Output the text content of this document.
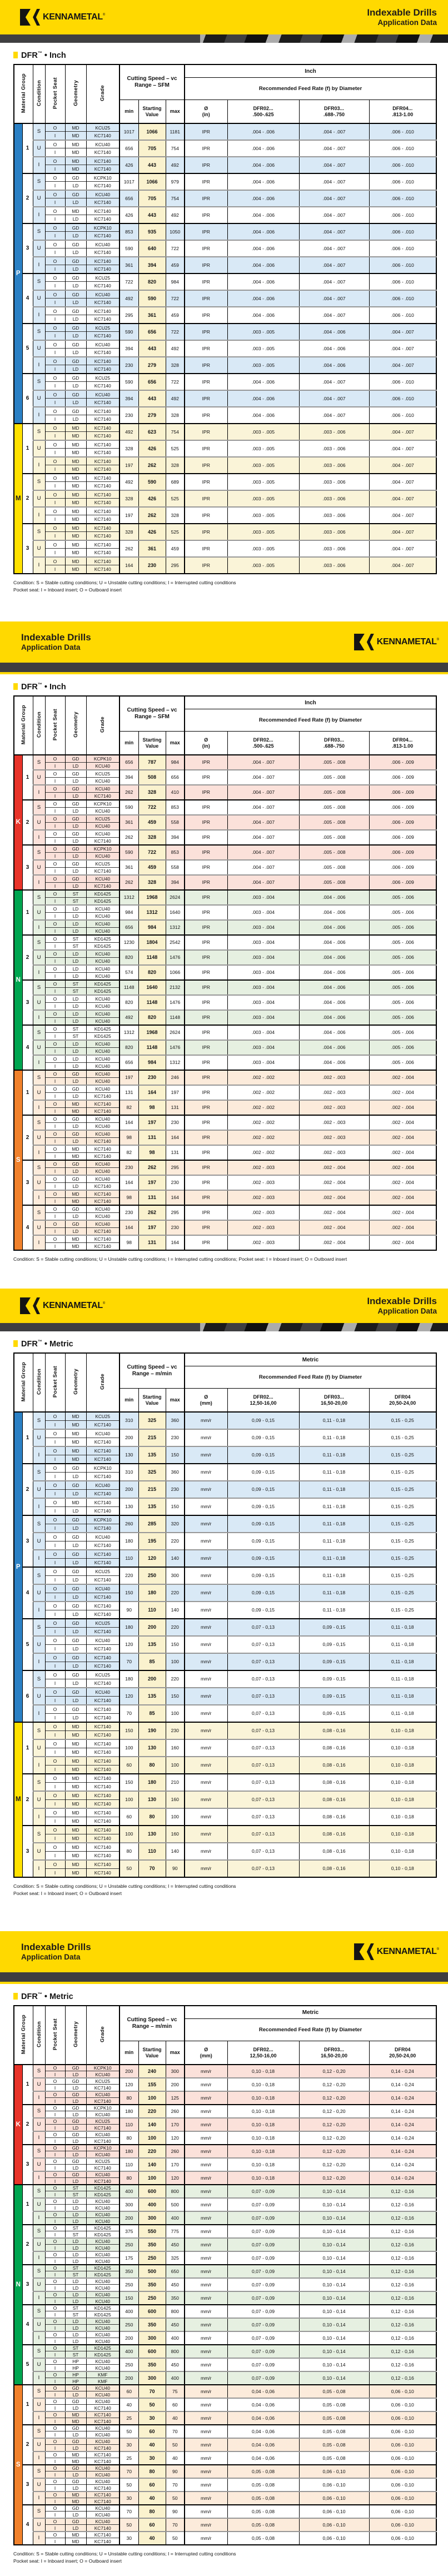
KENNAMETAL®	Indexable Drills
Application Data
DFR™ • Inch
Material Group		Condition	Pocket Seat	Geometry	Grade	Cutting Speed – vc
Range – SFM			Inch			
									Recommended Feed Rate (f) by Diameter			
min	
Starting
Value
	max	
Ø
(in)

DFR02...
.500-.625

DFR03...
.688-.750

DFR04...
.813-1.00

P	1	S	O	MD	KCU25	1017	1066	1181	IPR	.004 - .006	.004 - .007	.006 - .010
			I	MD	KC7140							
		U	O	MD	KCU40	656	705	754	IPR	.004 - .006	.004 - .007	.006 - .010
			I	MD	KC7140							
		I	O	MD	KC7140	426	443	492	IPR	.004 - .006	.004 - .007	.006 - .010
			I	MD	KC7140							
	2	S	O	GD	KCPK10	1017	1066	979	IPR	.004 - .006	.004 - .007	.006 - .010
			I	LD	KC7140							
		U	O	GD	KCU40	656	705	754	IPR	.004 - .006	.004 - .007	.006 - .010
			I	LD	KC7140							
		I	O	MD	KC7140	426	443	492	IPR	.004 - .006	.004 - .007	.006 - .010
			I	LD	KC7140							
	3	S	O	GD	KCPK10	853	935	1050	IPR	.004 - .006	.004 - .007	.006 - .010
			I	LD	KC7140							
		U	O	GD	KCU40	590	640	722	IPR	.004 - .006	.004 - .007	.006 - .010
			I	LD	KC7140							
		I	O	GD	KC7140	361	394	459	IPR	.004 - .006	.004 - .007	.006 - .010
			I	LD	KC7140							
	4	S	O	GD	KCU25	722	820	984	IPR	.004 - .006	.004 - .007	.006 - .010
			I	LD	KC7140							
		U	O	GD	KCU40	492	590	722	IPR	.004 - .006	.004 - .007	.006 - .010
			I	LD	KC7140							
		I	O	GD	KC7140	295	361	459	IPR	.004 - .006	.004 - .007	.006 - .010
			I	LD	KC7140							
	5	S	O	GD	KCU25	590	656	722	IPR	.003 - .005	.004 - .006	.004 - .007
			I	LD	KC7140							
		U	O	GD	KCU40	394	443	492	IPR	.003 - .005	.004 - .006	.004 - .007
			I	LD	KC7140							
		I	O	GD	KC7140	230	279	328	IPR	.003 - .005	.004 - .006	.004 - .007
			I	LD	KC7140							
	6	S	O	GD	KCU25	590	656	722	IPR	.004 - .006	.004 - .007	.006 - .010
			I	LD	KC7140							
		U	O	GD	KCU40	394	443	492	IPR	.004 - .006	.004 - .007	.006 - .010
			I	LD	KC7140							
		I	O	GD	KC7140	230	279	328	IPR	.004 - .006	.004 - .007	.006 - .010
			I	LD	KC7140							
M	1	S	O	MD	KC7140	492	623	754	IPR	.003 - .005	.003 - .006	.004 - .007
			I	MD	KC7140							
		U	O	MD	KC7140	328	426	525	IPR	.003 - .005	.003 - .006	.004 - .007
			I	MD	KC7140							
		I	O	MD	KC7140	197	262	328	IPR	.003 - .005	.003 - .006	.004 - .007
			I	MD	KC7140							
	2	S	O	MD	KC7140	492	590	689	IPR	.003 - .005	.003 - .006	.004 - .007
			I	MD	KC7140							
		U	O	MD	KC7140	328	426	525	IPR	.003 - .005	.003 - .006	.004 - .007
			I	MD	KC7140							
		I	O	MD	KC7140	197	262	328	IPR	.003 - .005	.003 - .006	.004 - .007
			I	MD	KC7140							
	3	S	O	MD	KC7140	328	426	525	IPR	.003 - .005	.003 - .006	.004 - .007
			I	MD	KC7140							
		U	O	MD	KC7140	262	361	459	IPR	.003 - .005	.003 - .006	.004 - .007
			I	MD	KC7140							
		I	O	MD	KC7140	164	230	295	IPR	.003 - .005	.003 - .006	.004 - .007
			I	MD	KC7140							
Condition: S = Stable cutting conditions; U = Unstable cutting conditions; I = Interrupted cutting conditions
Pocket seat: I = Inboard insert; O = Outboard insert
Indexable Drills
Application Data
KENNAMETAL®
DFR™ • Inch
Material Group		Condition	Pocket Seat	Geometry	Grade	Cutting Speed – vc
Range – SFM			Inch			
									Recommended Feed Rate (f) by Diameter			
min	
Starting
Value
	max	
Ø
(in)

DFR02...
.500-.625

DFR03...
.688-.750

DFR04...
.813-1.00

K	1	S	O	GD	KCPK10	656	787	984	IPR	.004 - .007	.005 - .008	.006 - .009
			I	LD	KCU40							
		U	O	GD	KCU25	394	508	656	IPR	.004 - .007	.005 - .008	.006 - .009
			I	LD	KCU40							
		I	O	GD	KCU40	262	328	410	IPR	.004 - .007	.005 - .008	.006 - .009
			I	LD	KC7140							
	2	S	O	GD	KCPK10	590	722	853	IPR	.004 - .007	.005 - .008	.006 - .009
			I	LD	KCU40							
		U	O	GD	KCU25	361	459	558	IPR	.004 - .007	.005 - .008	.006 - .009
			I	LD	KCU40							
		I	O	GD	KCU40	262	328	394	IPR	.004 - .007	.005 - .008	.006 - .009
			I	LD	KC7140							
	3	S	O	GD	KCPK10	590	722	853	IPR	.004 - .007	.005 - .008	.006 - .009
			I	LD	KCU40							
		U	O	GD	KCU25	361	459	558	IPR	.004 - .007	.005 - .008	.006 - .009
			I	LD	KC7140							
		I	O	GD	KCU40	262	328	394	IPR	.004 - .007	.005 - .008	.006 - .009
			I	LD	KC7140							
N	1	S	O	ST	KD1425	1312	1968	2624	IPR	.003 - .004	.004 - .006	.005 - .006
			I	ST	KD1425							
		U	O	LD	KCU40	984	1312	1640	IPR	.003 - .004	.004 - .006	.005 - .006
			I	LD	KCU40							
		I	O	LD	KCU40	656	984	1312	IPR	.003 - .004	.004 - .006	.005 - .006
			I	LD	KCU40							
	2	S	O	ST	KD1425	1230	1804	2542	IPR	.003 - .004	.004 - .006	.005 - .006
			I	ST	KD1425							
		U	O	LD	KCU40	820	1148	1476	IPR	.003 - .004	.004 - .006	.005 - .006
			I	LD	KCU40							
		I	O	LD	KCU40	574	820	1066	IPR	.003 - .004	.004 - .006	.005 - .006
			I	LD	KCU40							
	3	S	O	ST	KD1425	1148	1640	2132	IPR	.003 - .004	.004 - .006	.005 - .006
			I	ST	KD1425							
		U	O	LD	KCU40	820	1148	1476	IPR	.003 - .004	.004 - .006	.005 - .006
			I	LD	KCU40							
		I	O	LD	KCU40	492	820	1148	IPR	.003 - .004	.004 - .006	.005 - .006
			I	LD	KCU40							
	4	S	O	ST	KD1425	1312	1968	2624	IPR	.003 - .004	.004 - .006	.005 - .006
			I	ST	KD1425							
		U	O	LD	KCU40	820	1148	1476	IPR	.003 - .004	.004 - .006	.005 - .006
			I	LD	KCU40							
		I	O	LD	KCU40	656	984	1312	IPR	.003 - .004	.004 - .006	.005 - .006
			I	LD	KCU40							
S	1	S	O	GD	KCU40	197	230	246	IPR	.002 - .002	.002 - .003	.002 - .004
			I	LD	KCU40							
		U	O	GD	KCU40	131	164	197	IPR	.002 - .002	.002 - .003	.002 - .004
			I	LD	KC7140							
		I	O	MD	KC7140	82	98	131	IPR	.002 - .002	.002 - .003	.002 - .004
			I	MD	KC7140							
	2	S	O	GD	KCU40	164	197	230	IPR	.002 - .002	.002 - .003	.002 - .004
			I	LD	KCU40							
		U	O	GD	KCU40	98	131	164	IPR	.002 - .002	.002 - .003	.002 - .004
			I	LD	KC7140							
		I	O	MD	KC7140	82	98	131	IPR	.002 - .002	.002 - .003	.002 - .004
			I	MD	KC7140							
	3	S	O	GD	KCU40	230	262	295	IPR	.002 - .003	.002 - .004	.002 - .004
			I	LD	KCU40							
		U	O	GD	KCU40	164	197	230	IPR	.002 - .003	.002 - .004	.002 - .004
			I	LD	KC7140							
		I	O	MD	KC7140	98	131	164	IPR	.002 - .003	.002 - .004	.002 - .004
			I	MD	KC7140							
	4	S	O	GD	KCU40	230	262	295	IPR	.002 - .003	.002 - .004	.002 - .004
			I	LD	KCU40							
		U	O	GD	KCU40	164	197	230	IPR	.002 - .003	.002 - .004	.002 - .004
			I	LD	KC7140							
		I	O	MD	KC7140	98	131	164	IPR	.002 - .003	.002 - .004	.002 - .004
			I	MD	KC7140							
Condition: S = Stable cutting conditions; U = Unstable cutting conditions; I = Interrupted cutting conditions; Pocket seat: I = Inboard insert; O = Outboard insert
KENNAMETAL®	Indexable Drills
Application Data
DFR™ • Metric
Material Group		Condition	Pocket Seat	Geometry	Grade	Cutting Speed – vc
Range – m/min			Metric			
									Recommended Feed Rate (f) by Diameter			
min	
Starting
Value
	max	
Ø
(mm)

DFR02...
12,50-16,00

DFR03...
16,50-20,00

DFR04
20,50-24,00

P	1	S	O	MD	KCU25	310	325	360	mm/r	0,09 - 0,15	0,11 - 0,18	0,15 - 0,25
			I	MD	KC7140							
		U	O	MD	KCU40	200	215	230	mm/r	0,09 - 0,15	0,11 - 0,18	0,15 - 0,25
			I	MD	KC7140							
		I	O	MD	KC7140	130	135	150	mm/r	0,09 - 0,15	0,11 - 0,18	0,15 - 0,25
			I	MD	KC7140							
	2	S	O	GD	KCPK10	310	325	360	mm/r	0,09 - 0,15	0,11 - 0,18	0,15 - 0,25
			I	LD	KC7140							
		U	O	GD	KCU40	200	215	230	mm/r	0,09 - 0,15	0,11 - 0,18	0,15 - 0,25
			I	LD	KC7140							
		I	O	MD	KC7140	130	135	150	mm/r	0,09 - 0,15	0,11 - 0,18	0,15 - 0,25
			I	LD	KC7140							
	3	S	O	GD	KCPK10	260	285	320	mm/r	0,09 - 0,15	0,11 - 0,18	0,15 - 0,25
			I	LD	KC7140							
		U	O	GD	KCU40	180	195	220	mm/r	0,09 - 0,15	0,11 - 0,18	0,15 - 0,25
			I	LD	KC7140							
		I	O	GD	KC7140	110	120	140	mm/r	0,09 - 0,15	0,11 - 0,18	0,15 - 0,25
			I	LD	KC7140							
	4	S	O	GD	KCU25	220	250	300	mm/r	0,09 - 0,15	0,11 - 0,18	0,15 - 0,25
			I	LD	KC7140							
		U	O	GD	KCU40	150	180	220	mm/r	0,09 - 0,15	0,11 - 0,18	0,15 - 0,25
			I	LD	KC7140							
		I	O	GD	KC7140	90	110	140	mm/r	0,09 - 0,15	0,11 - 0,18	0,15 - 0,25
			I	LD	KC7140							
	5	S	O	GD	KCU25	180	200	220	mm/r	0,07 - 0,13	0,09 - 0,15	0,11 - 0,18
			I	LD	KC7140							
		U	O	GD	KCU40	120	135	150	mm/r	0,07 - 0,13	0,09 - 0,15	0,11 - 0,18
			I	LD	KC7140							
		I	O	GD	KC7140	70	85	100	mm/r	0,07 - 0,13	0,09 - 0,15	0,11 - 0,18
			I	LD	KC7140							
	6	S	O	GD	KCU25	180	200	220	mm/r	0,07 - 0,13	0,09 - 0,15	0,11 - 0,18
			I	LD	KC7140							
		U	O	GD	KCU40	120	135	150	mm/r	0,07 - 0,13	0,09 - 0,15	0,11 - 0,18
			I	LD	KC7140							
		I	O	GD	KC7140	70	85	100	mm/r	0,07 - 0,13	0,09 - 0,15	0,11 - 0,18
			I	LD	KC7140							
M	1	S	O	MD	KC7140	150	190	230	mm/r	0,07 - 0,13	0,08 - 0,16	0,10 - 0,18
			I	MD	KC7140							
		U	O	MD	KC7140	100	130	160	mm/r	0,07 - 0,13	0,08 - 0,16	0,10 - 0,18
			I	MD	KC7140							
		I	O	MD	KC7140	60	80	100	mm/r	0,07 - 0,13	0,08 - 0,16	0,10 - 0,18
			I	MD	KC7140							
	2	S	O	MD	KC7140	150	180	210	mm/r	0,07 - 0,13	0,08 - 0,16	0,10 - 0,18
			I	MD	KC7140							
		U	O	MD	KC7140	100	130	160	mm/r	0,07 - 0,13	0,08 - 0,16	0,10 - 0,18
			I	MD	KC7140							
		I	O	MD	KC7140	60	80	100	mm/r	0,07 - 0,13	0,08 - 0,16	0,10 - 0,18
			I	MD	KC7140							
	3	S	O	MD	KC7140	100	130	160	mm/r	0,07 - 0,13	0,08 - 0,16	0,10 - 0,18
			I	MD	KC7140							
		U	O	MD	KC7140	80	110	140	mm/r	0,07 - 0,13	0,08 - 0,16	0,10 - 0,18
			I	MD	KC7140							
		I	O	MD	KC7140	50	70	90	mm/r	0,07 - 0,13	0,08 - 0,16	0,10 - 0,18
			I	MD	KC7140							
Condition: S = Stable cutting conditions; U = Unstable cutting conditions; I = Interrupted cutting conditions
Pocket seat: I = Inboard insert; O = Outboard insert
Indexable Drills
Application Data
KENNAMETAL®
DFR™ • Metric
Material Group		Condition	Pocket Seat	Geometry	Grade	Cutting Speed – vc
Range – m/min			Metric			
									Recommended Feed Rate (f) by Diameter			
min	
Starting
Value
	max	
Ø
(mm)

DFR02...
12,50-16,00

DFR03...
16,50-20,00

DFR04
20,50-24,00

K	1	S	O	GD	KCPK10	200	240	300	mm/r	0,10 - 0,18	0,12 - 0,20	0,14 - 0,24
			I	LD	KCU40							
		U	O	GD	KCU25	120	155	200	mm/r	0,10 - 0,18	0,12 - 0,20	0,14 - 0,24
			I	LD	KC7140							
		I	O	GD	KCU40	80	100	125	mm/r	0,10 - 0,18	0,12 - 0,20	0,14 - 0,24
			I	LD	KC7140							
	2	S	O	GD	KCPK10	180	220	260	mm/r	0,10 - 0,18	0,12 - 0,20	0,14 - 0,24
			I	LD	KCU40							
		U	O	GD	KCU25	110	140	170	mm/r	0,10 - 0,18	0,12 - 0,20	0,14 - 0,24
			I	LD	KC7140							
		I	O	GD	KCU40	80	100	120	mm/r	0,10 - 0,18	0,12 - 0,20	0,14 - 0,24
			I	LD	KC7140							
	3	S	O	GD	KCPK10	180	220	260	mm/r	0,10 - 0,18	0,12 - 0,20	0,14 - 0,24
			I	LD	KCU40							
		U	O	GD	KCU25	110	140	170	mm/r	0,10 - 0,18	0,12 - 0,20	0,14 - 0,24
			I	LD	KC7140							
		I	O	GD	KCU40	80	100	120	mm/r	0,10 - 0,18	0,12 - 0,20	0,14 - 0,24
			I	LD	KC7140							
N	1	S	O	ST	KD1425	400	600	800	mm/r	0,07 - 0,09	0,10 - 0,14	0,12 - 0,16
			I	ST	KD1425							
		U	O	LD	KCU40	300	400	500	mm/r	0,07 - 0,09	0,10 - 0,14	0,12 - 0,16
			I	LD	KCU40							
		I	O	LD	KCU40	200	300	400	mm/r	0,07 - 0,09	0,10 - 0,14	0,12 - 0,16
			I	LD	KCU40							
	2	S	O	ST	KD1425	375	550	775	mm/r	0,07 - 0,09	0,10 - 0,14	0,12 - 0,16
			I	ST	KD1425							
		U	O	LD	KCU40	250	350	450	mm/r	0,07 - 0,09	0,10 - 0,14	0,12 - 0,16
			I	LD	KCU40							
		I	O	LD	KCU40	175	250	325	mm/r	0,07 - 0,09	0,10 - 0,14	0,12 - 0,16
			I	LD	KCU40							
	3	S	O	ST	KD1425	350	500	650	mm/r	0,07 - 0,09	0,10 - 0,14	0,12 - 0,16
			I	ST	KD1425							
		U	O	LD	KCU40	250	350	450	mm/r	0,07 - 0,09	0,10 - 0,14	0,12 - 0,16
			I	LD	KCU40							
		I	O	LD	KCU40	150	250	350	mm/r	0,07 - 0,09	0,10 - 0,14	0,12 - 0,16
			I	LD	KCU40							
	4	S	O	ST	KD1425	400	600	800	mm/r	0,07 - 0,09	0,10 - 0,14	0,12 - 0,16
			I	ST	KD1425							
		U	O	LD	KCU40	250	350	450	mm/r	0,07 - 0,09	0,10 - 0,14	0,12 - 0,16
			I	LD	KCU40							
		I	O	LD	KCU40	200	300	400	mm/r	0,07 - 0,09	0,10 - 0,14	0,12 - 0,16
			I	LD	KCU40							
	5	S	O	ST	KD1425	400	600	800	mm/r	0,07 - 0,09	0,10 - 0,14	0,12 - 0,16
			I	ST	KD1425							
		U	O	HP	KCU40	250	350	450	mm/r	0,07 - 0,09	0,10 - 0,14	0,12 - 0,16
			I	HP	KCU40							
		I	O	HP	KMF	200	300	400	mm/r	0,07 - 0,09	0,10 - 0,14	0,12 - 0,16
			I	HP	KMF							
S	1	S	O	GD	KCU40	60	70	75	mm/r	0,04 - 0,06	0,05 - 0,08	0,06 - 0,10
			I	LD	KCU40							
		U	O	GD	KCU40	40	50	60	mm/r	0,04 - 0,06	0,05 - 0,08	0,06 - 0,10
			I	LD	KC7140							
		I	O	MD	KC7140	25	30	40	mm/r	0,04 - 0,06	0,05 - 0,08	0,06 - 0,10
			I	MD	KC7140							
	2	S	O	GD	KCU40	50	60	70	mm/r	0,04 - 0,06	0,05 - 0,08	0,06 - 0,10
			I	LD	KCU40							
		U	O	GD	KCU40	30	40	50	mm/r	0,04 - 0,06	0,05 - 0,08	0,06 - 0,10
			I	LD	KC7140							
		I	O	MD	KC7140	25	30	40	mm/r	0,04 - 0,06	0,05 - 0,08	0,06 - 0,10
			I	MD	KC7140							
	3	S	O	GD	KCU40	70	80	90	mm/r	0,05 - 0,08	0,06 - 0,10	0,06 - 0,10
			I	LD	KCU40							
		U	O	GD	KCU40	50	60	70	mm/r	0,05 - 0,08	0,06 - 0,10	0,06 - 0,10
			I	LD	KC7140							
		I	O	MD	KC7140	30	40	50	mm/r	0,05 - 0,08	0,06 - 0,10	0,06 - 0,10
			I	MD	KC7140							
	4	S	O	GD	KCU40	70	80	90	mm/r	0,05 - 0,08	0,06 - 0,10	0,06 - 0,10
			I	LD	KCU40							
		U	O	GD	KCU40	50	60	70	mm/r	0,05 - 0,08	0,06 - 0,10	0,06 - 0,10
			I	LD	KC7140							
		I	O	MD	KC7140	30	40	50	mm/r	0,05 - 0,08	0,06 - 0,10	0,06 - 0,10
			I	MD	KC7140							
Condition: S = Stable cutting conditions; U = Unstable cutting conditions; I = Interrupted cutting conditions
Pocket seat: I = Inboard insert; O = Outboard insert
